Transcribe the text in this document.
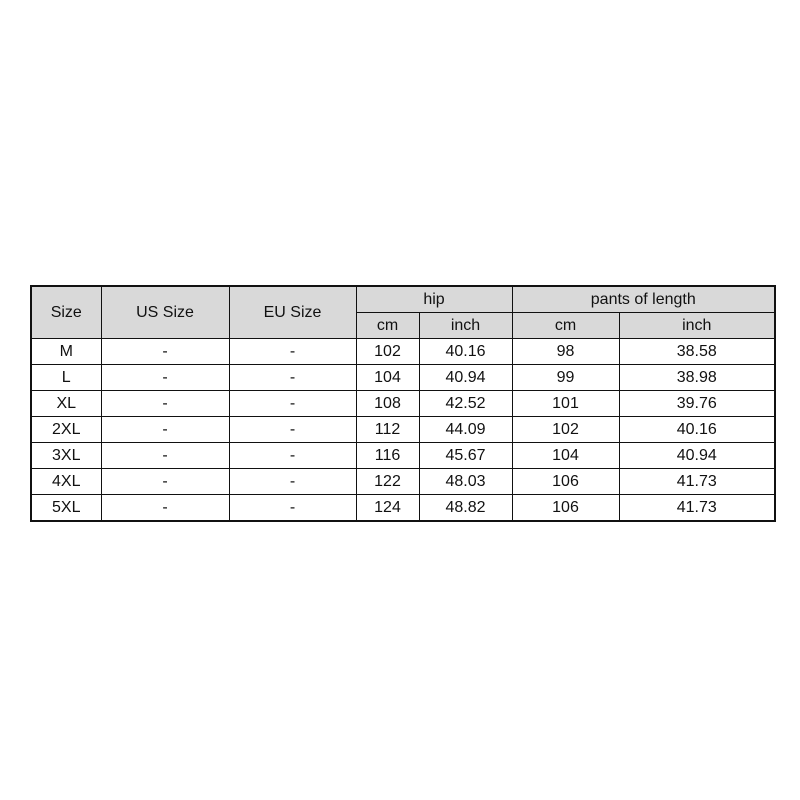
Size	US Size	EU Size	hip		pants of length	
			cm	inch	cm	inch
M	-	-	102	40.16	98	38.58
L	-	-	104	40.94	99	38.98
XL	-	-	108	42.52	101	39.76
2XL	-	-	112	44.09	102	40.16
3XL	-	-	116	45.67	104	40.94
4XL	-	-	122	48.03	106	41.73
5XL	-	-	124	48.82	106	41.73
